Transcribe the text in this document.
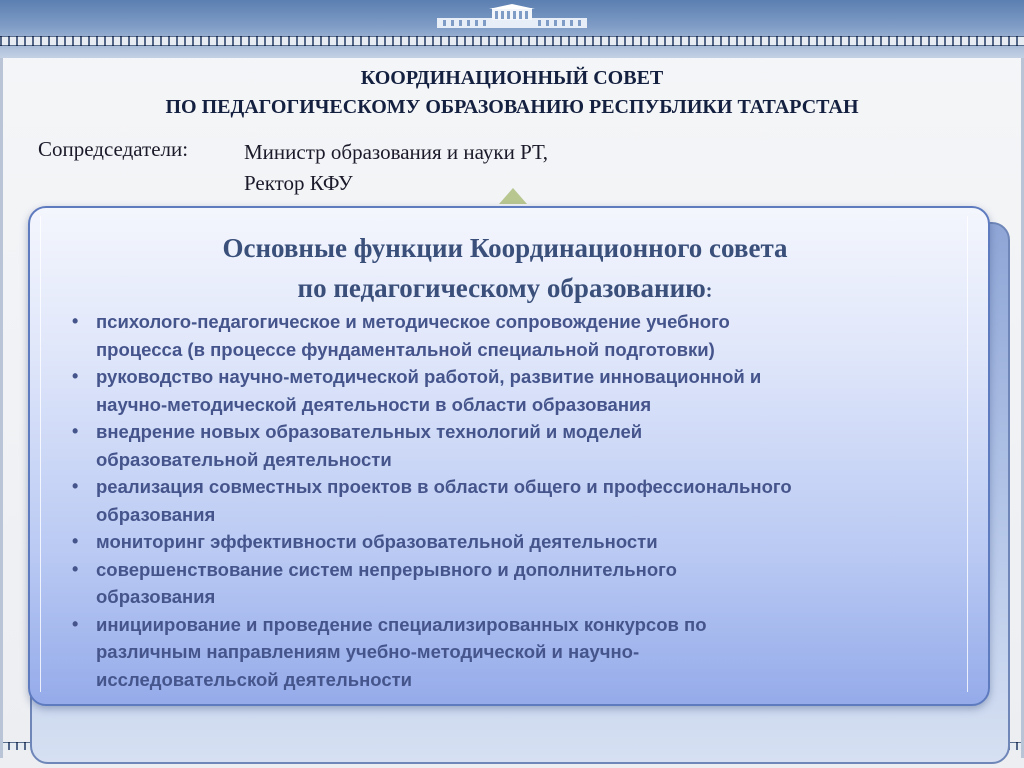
КООРДИНАЦИОННЫЙ СОВЕТ
ПО ПЕДАГОГИЧЕСКОМУ ОБРАЗОВАНИЮ РЕСПУБЛИКИ ТАТАРСТАН
Сопредседатели:	Министр образования и науки РТ,
Ректор КФУ
Основные функции Координационного совета
по педагогическому образованию:
• психолого-педагогическое и методическое сопровождение учебного
процесса (в процессе фундаментальной специальной подготовки)
• руководство научно-методической работой, развитие инновационной и
научно-методической деятельности в области образования
• внедрение новых образовательных технологий и моделей
образовательной деятельности
• реализация совместных проектов в области общего и профессионального
образования
• мониторинг эффективности образовательной деятельности
• совершенствование систем непрерывного и дополнительного
образования
• инициирование и проведение специализированных конкурсов по
различным направлениям учебно-методической и научно-
исследовательской деятельности
